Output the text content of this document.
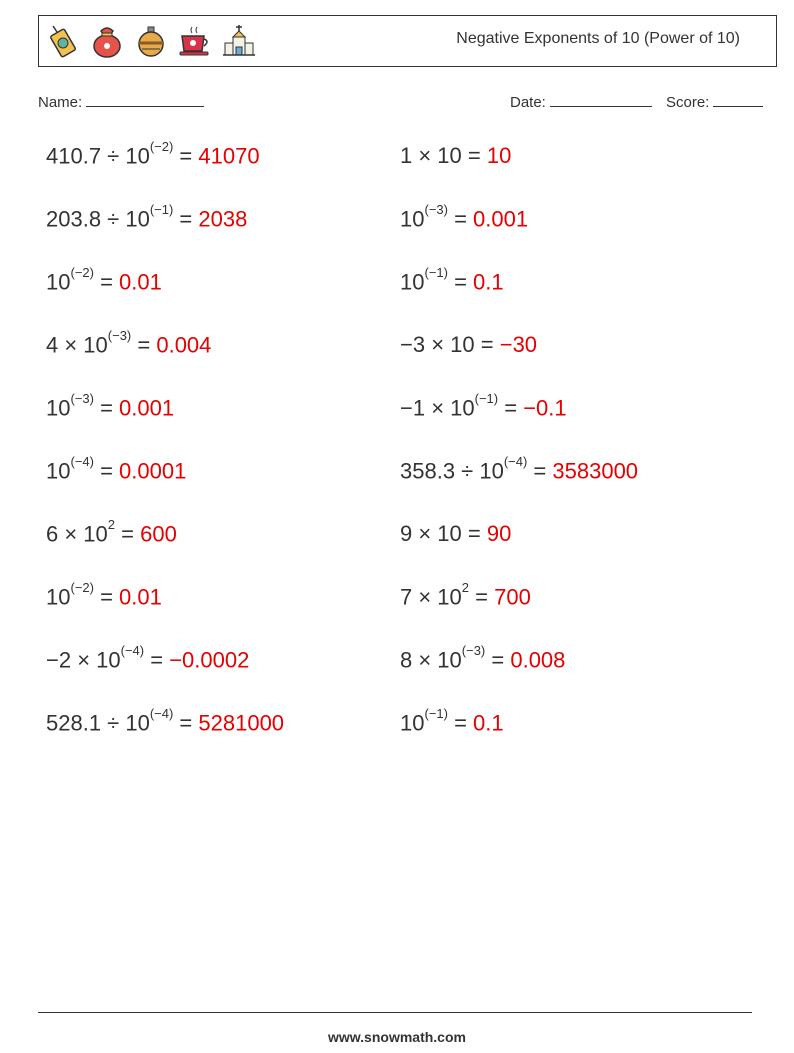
Negative Exponents of 10 (Power of 10)
Name:	Date:	Score:
$410.7 \div 10^{(-2)} = 41070$	1 × 10 = 10
$203.8 \div 10^{(-1)} = 2038$	$10^{(-3)} = 0.001$
$10^{(-2)} = 0.01$	$10^{(-1)} = 0.1$
$4 \times 10^{(-3)} = 0.004$	−3 × 10 = −30
$10^{(-3)} = 0.001$	$-1 \times 10^{(-1)} = -0.1$
$10^{(-4)} = 0.0001$	$358.3 \div 10^{(-4)} = 3583000$
$6 \times 10^2 = 600$	9 × 10 = 90
$10^{(-2)} = 0.01$	$7 \times 10^2 = 700$
$-2 \times 10^{(-4)} = -0.0002$	$8 \times 10^{(-3)} = 0.008$
$528.1 \div 10^{(-4)} = 5281000$	$10^{(-1)} = 0.1$
www.snowmath.com
